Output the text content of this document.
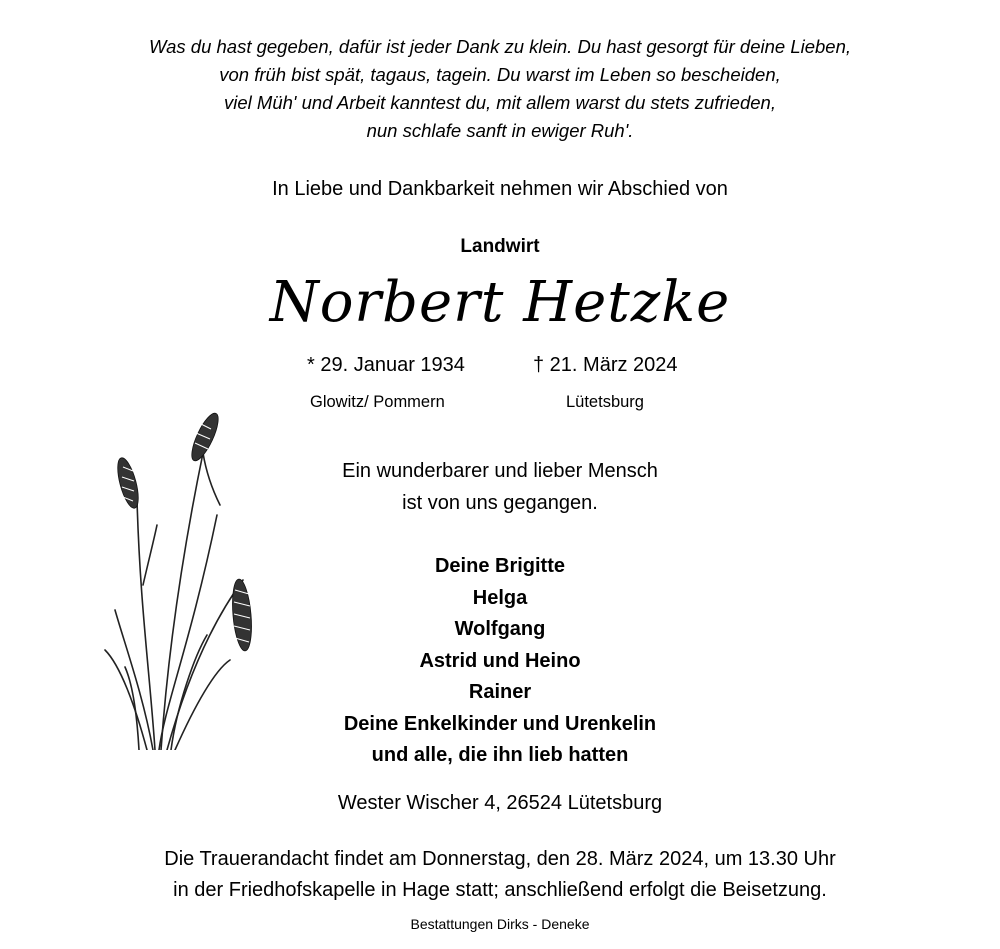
Was du hast gegeben, dafür ist jeder Dank zu klein. Du hast gesorgt für deine Lieben,
von früh bist spät, tagaus, tagein. Du warst im Leben so bescheiden,
viel Müh' und Arbeit kanntest du, mit allem warst du stets zufrieden,
nun schlafe sanft in ewiger Ruh'.
In Liebe und Dankbarkeit nehmen wir Abschied von
Landwirt
Norbert Hetzke
* 29. Januar 1934	† 21. März 2024
Glowitz/ Pommern	Lütetsburg
Ein wunderbarer und lieber Mensch
ist von uns gegangen.
Deine Brigitte
Helga
Wolfgang
Astrid und Heino
Rainer
Deine Enkelkinder und Urenkelin
und alle, die ihn lieb hatten
Wester Wischer 4, 26524 Lütetsburg
Die Trauerandacht findet am Donnerstag, den 28. März 2024, um 13.30 Uhr
in der Friedhofskapelle in Hage statt; anschließend erfolgt die Beisetzung.
Bestattungen Dirks - Deneke
